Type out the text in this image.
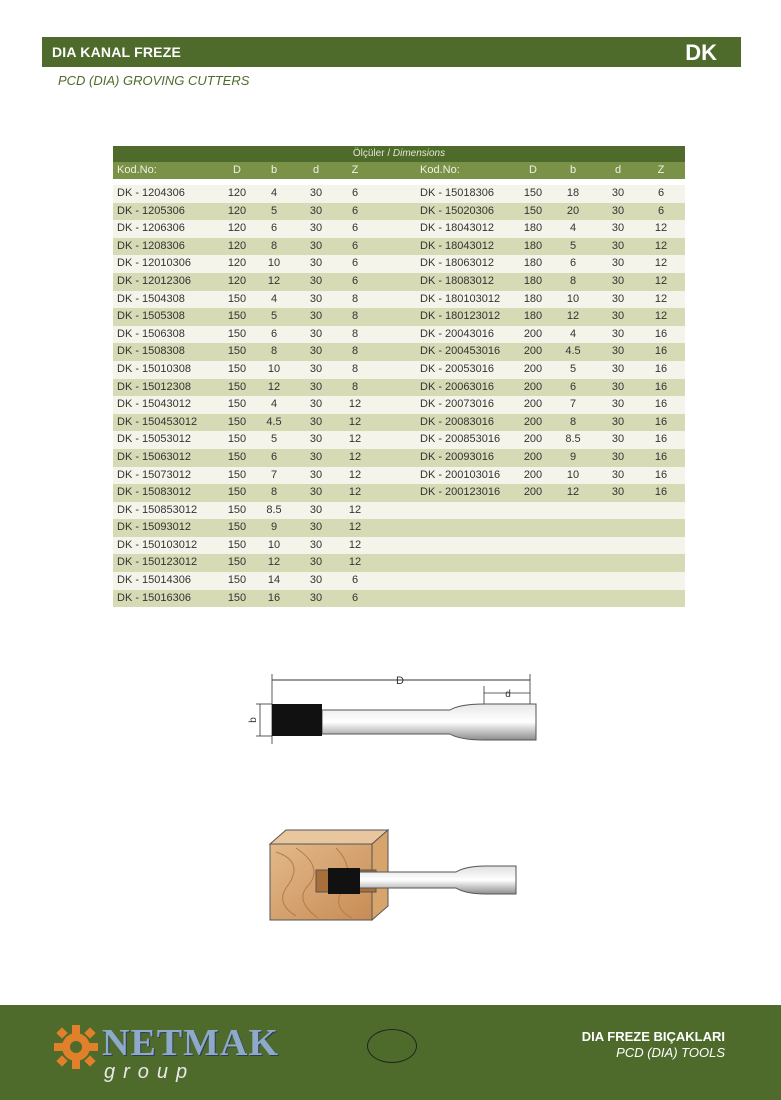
DIA KANAL FREZE	DK
PCD (DIA) GROVING CUTTERS
Ölçüler / Dimensions
Kod.No:	D	b	d	Z	Kod.No:	D	b	d	Z
DK - 1204306	120	4	30	6	DK - 15018306	150	18	30	6
DK - 1205306	120	5	30	6	DK - 15020306	150	20	30	6
DK - 1206306	120	6	30	6	DK - 18043012	180	4	30	12
DK - 1208306	120	8	30	6	DK - 18043012	180	5	30	12
DK - 12010306	120	10	30	6	DK - 18063012	180	6	30	12
DK - 12012306	120	12	30	6	DK - 18083012	180	8	30	12
DK - 1504308	150	4	30	8	DK - 180103012	180	10	30	12
DK - 1505308	150	5	30	8	DK - 180123012	180	12	30	12
DK - 1506308	150	6	30	8	DK - 20043016	200	4	30	16
DK - 1508308	150	8	30	8	DK - 200453016	200	4.5	30	16
DK - 15010308	150	10	30	8	DK - 20053016	200	5	30	16
DK - 15012308	150	12	30	8	DK - 20063016	200	6	30	16
DK - 15043012	150	4	30	12	DK - 20073016	200	7	30	16
DK - 150453012	150	4.5	30	12	DK - 20083016	200	8	30	16
DK - 15053012	150	5	30	12	DK - 200853016	200	8.5	30	16
DK - 15063012	150	6	30	12	DK - 20093016	200	9	30	16
DK - 15073012	150	7	30	12	DK - 200103016	200	10	30	16
DK - 15083012	150	8	30	12	DK - 200123016	200	12	30	16
DK - 150853012	150	8.5	30	12
DK - 15093012	150	9	30	12
DK - 150103012	150	10	30	12
DK - 150123012	150	12	30	12
DK - 15014306	150	14	30	6
DK - 15016306	150	16	30	6
D
d
b
NETMAK
group
DIA FREZE BIÇAKLARI
PCD (DIA) TOOLS
